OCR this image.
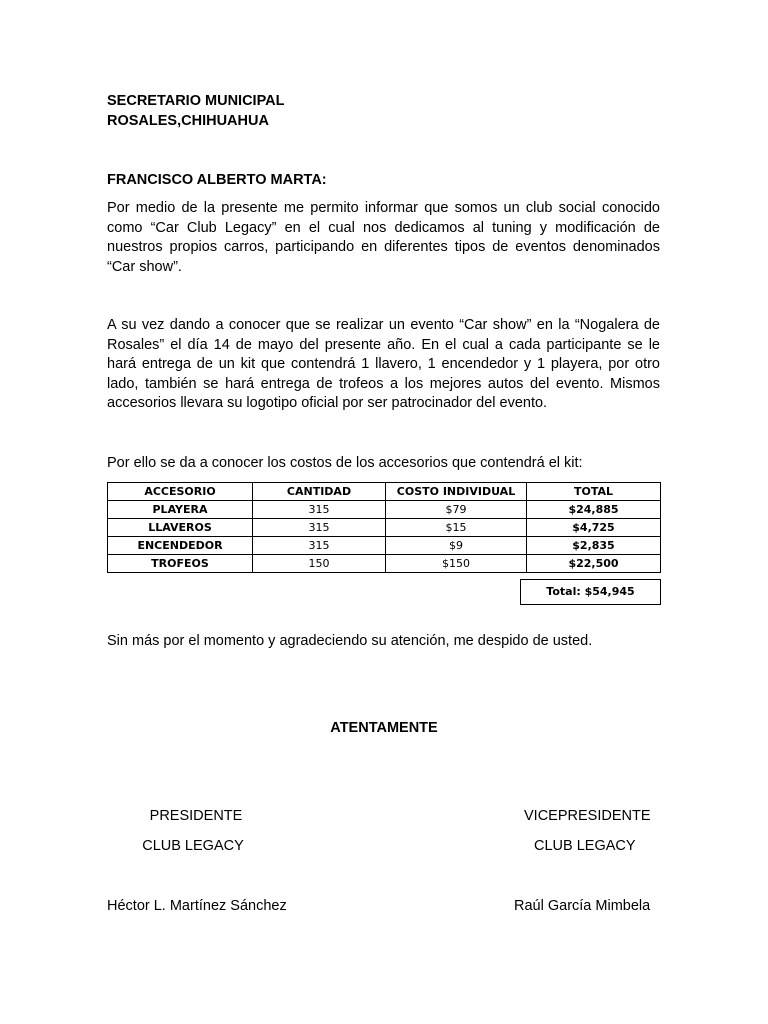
SECRETARIO MUNICIPAL
ROSALES,CHIHUAHUA
FRANCISCO ALBERTO MARTA:

Por medio de la presente me permito informar que somos un club social conocido como “Car Club Legacy” en el cual nos dedicamos al tuning y modificación de nuestros propios carros, participando en diferentes tipos de eventos denominados “Car show”.

A su vez dando a conocer que se realizar un evento “Car show” en la “Nogalera de Rosales” el día 14 de mayo del presente año. En el cual a cada participante se le hará entrega de un kit que contendrá 1 llavero, 1 encendedor y 1 playera, por otro lado, también se hará entrega de trofeos a los mejores autos del evento. Mismos accesorios llevara su logotipo oficial por ser patrocinador del evento.

Por ello se da a conocer los costos de los accesorios que contendrá el kit:
ACCESORIO	CANTIDAD	COSTO INDIVIDUAL	TOTAL
PLAYERA	315	$79	$24,885
LLAVEROS	315	$15	$4,725
ENCENDEDOR	315	$9	$2,835
TROFEOS	150	$150	$22,500
Total: $54,945
Sin más por el momento y agradeciendo su atención, me despido de usted.
ATENTAMENTE
PRESIDENTE
CLUB LEGACY
Héctor L. Martínez Sánchez
VICEPRESIDENTE
CLUB LEGACY
Raúl García Mimbela
